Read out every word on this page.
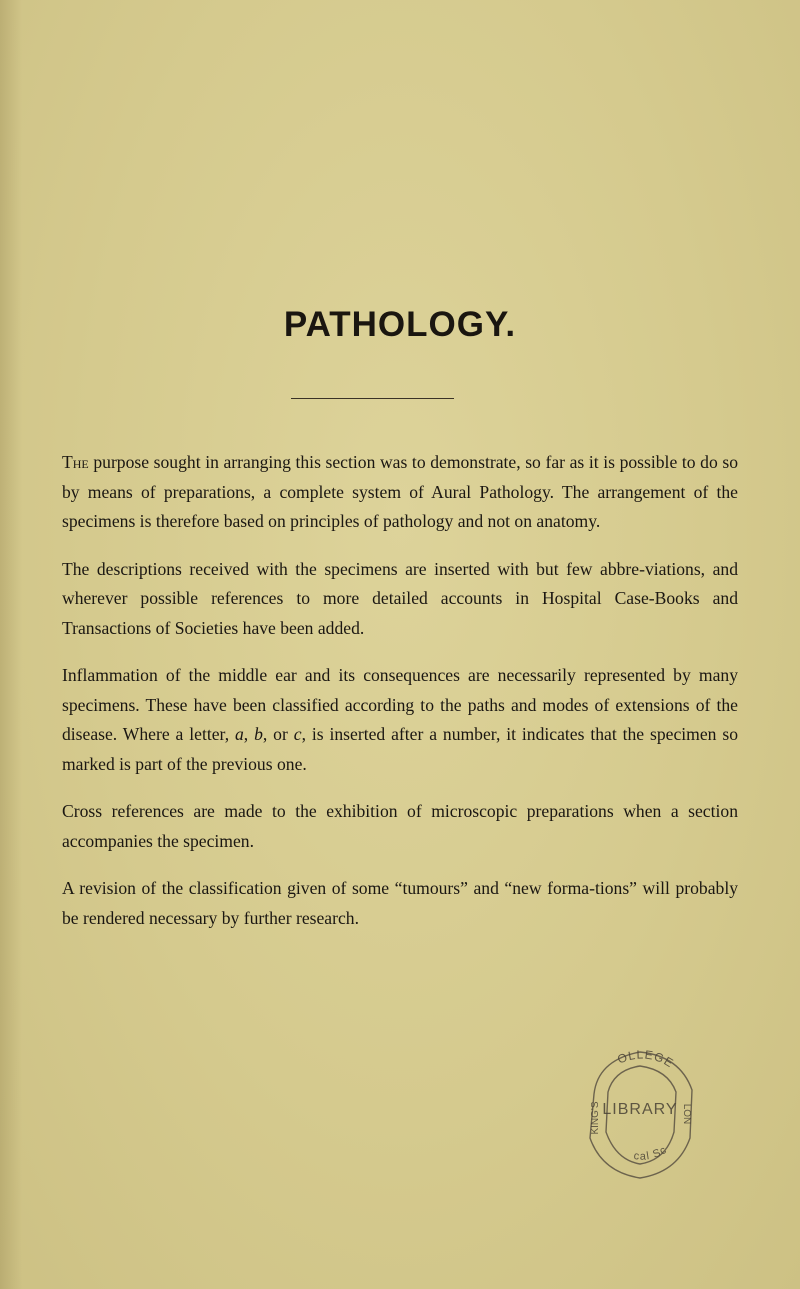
PATHOLOGY.

The purpose sought in arranging this section was to demonstrate, so far as it is possible to do so by means of preparations, a complete system of Aural Pathology. The arrangement of the specimens is therefore based on principles of pathology and not on anatomy.

The descriptions received with the specimens are inserted with but few abbre-viations, and wherever possible references to more detailed accounts in Hospital Case-Books and Transactions of Societies have been added.

Inflammation of the middle ear and its consequences are necessarily represented by many specimens. These have been classified according to the paths and modes of extensions of the disease. Where a letter, a, b, or c, is inserted after a number, it indicates that the specimen so marked is part of the previous one.

Cross references are made to the exhibition of microscopic preparations when a section accompanies the specimen.

A revision of the classification given of some “tumours” and “new forma-tions” will probably be rendered necessary by further research.

OLLEGE
LIBRARY
KING'S	LON
cal Sc
